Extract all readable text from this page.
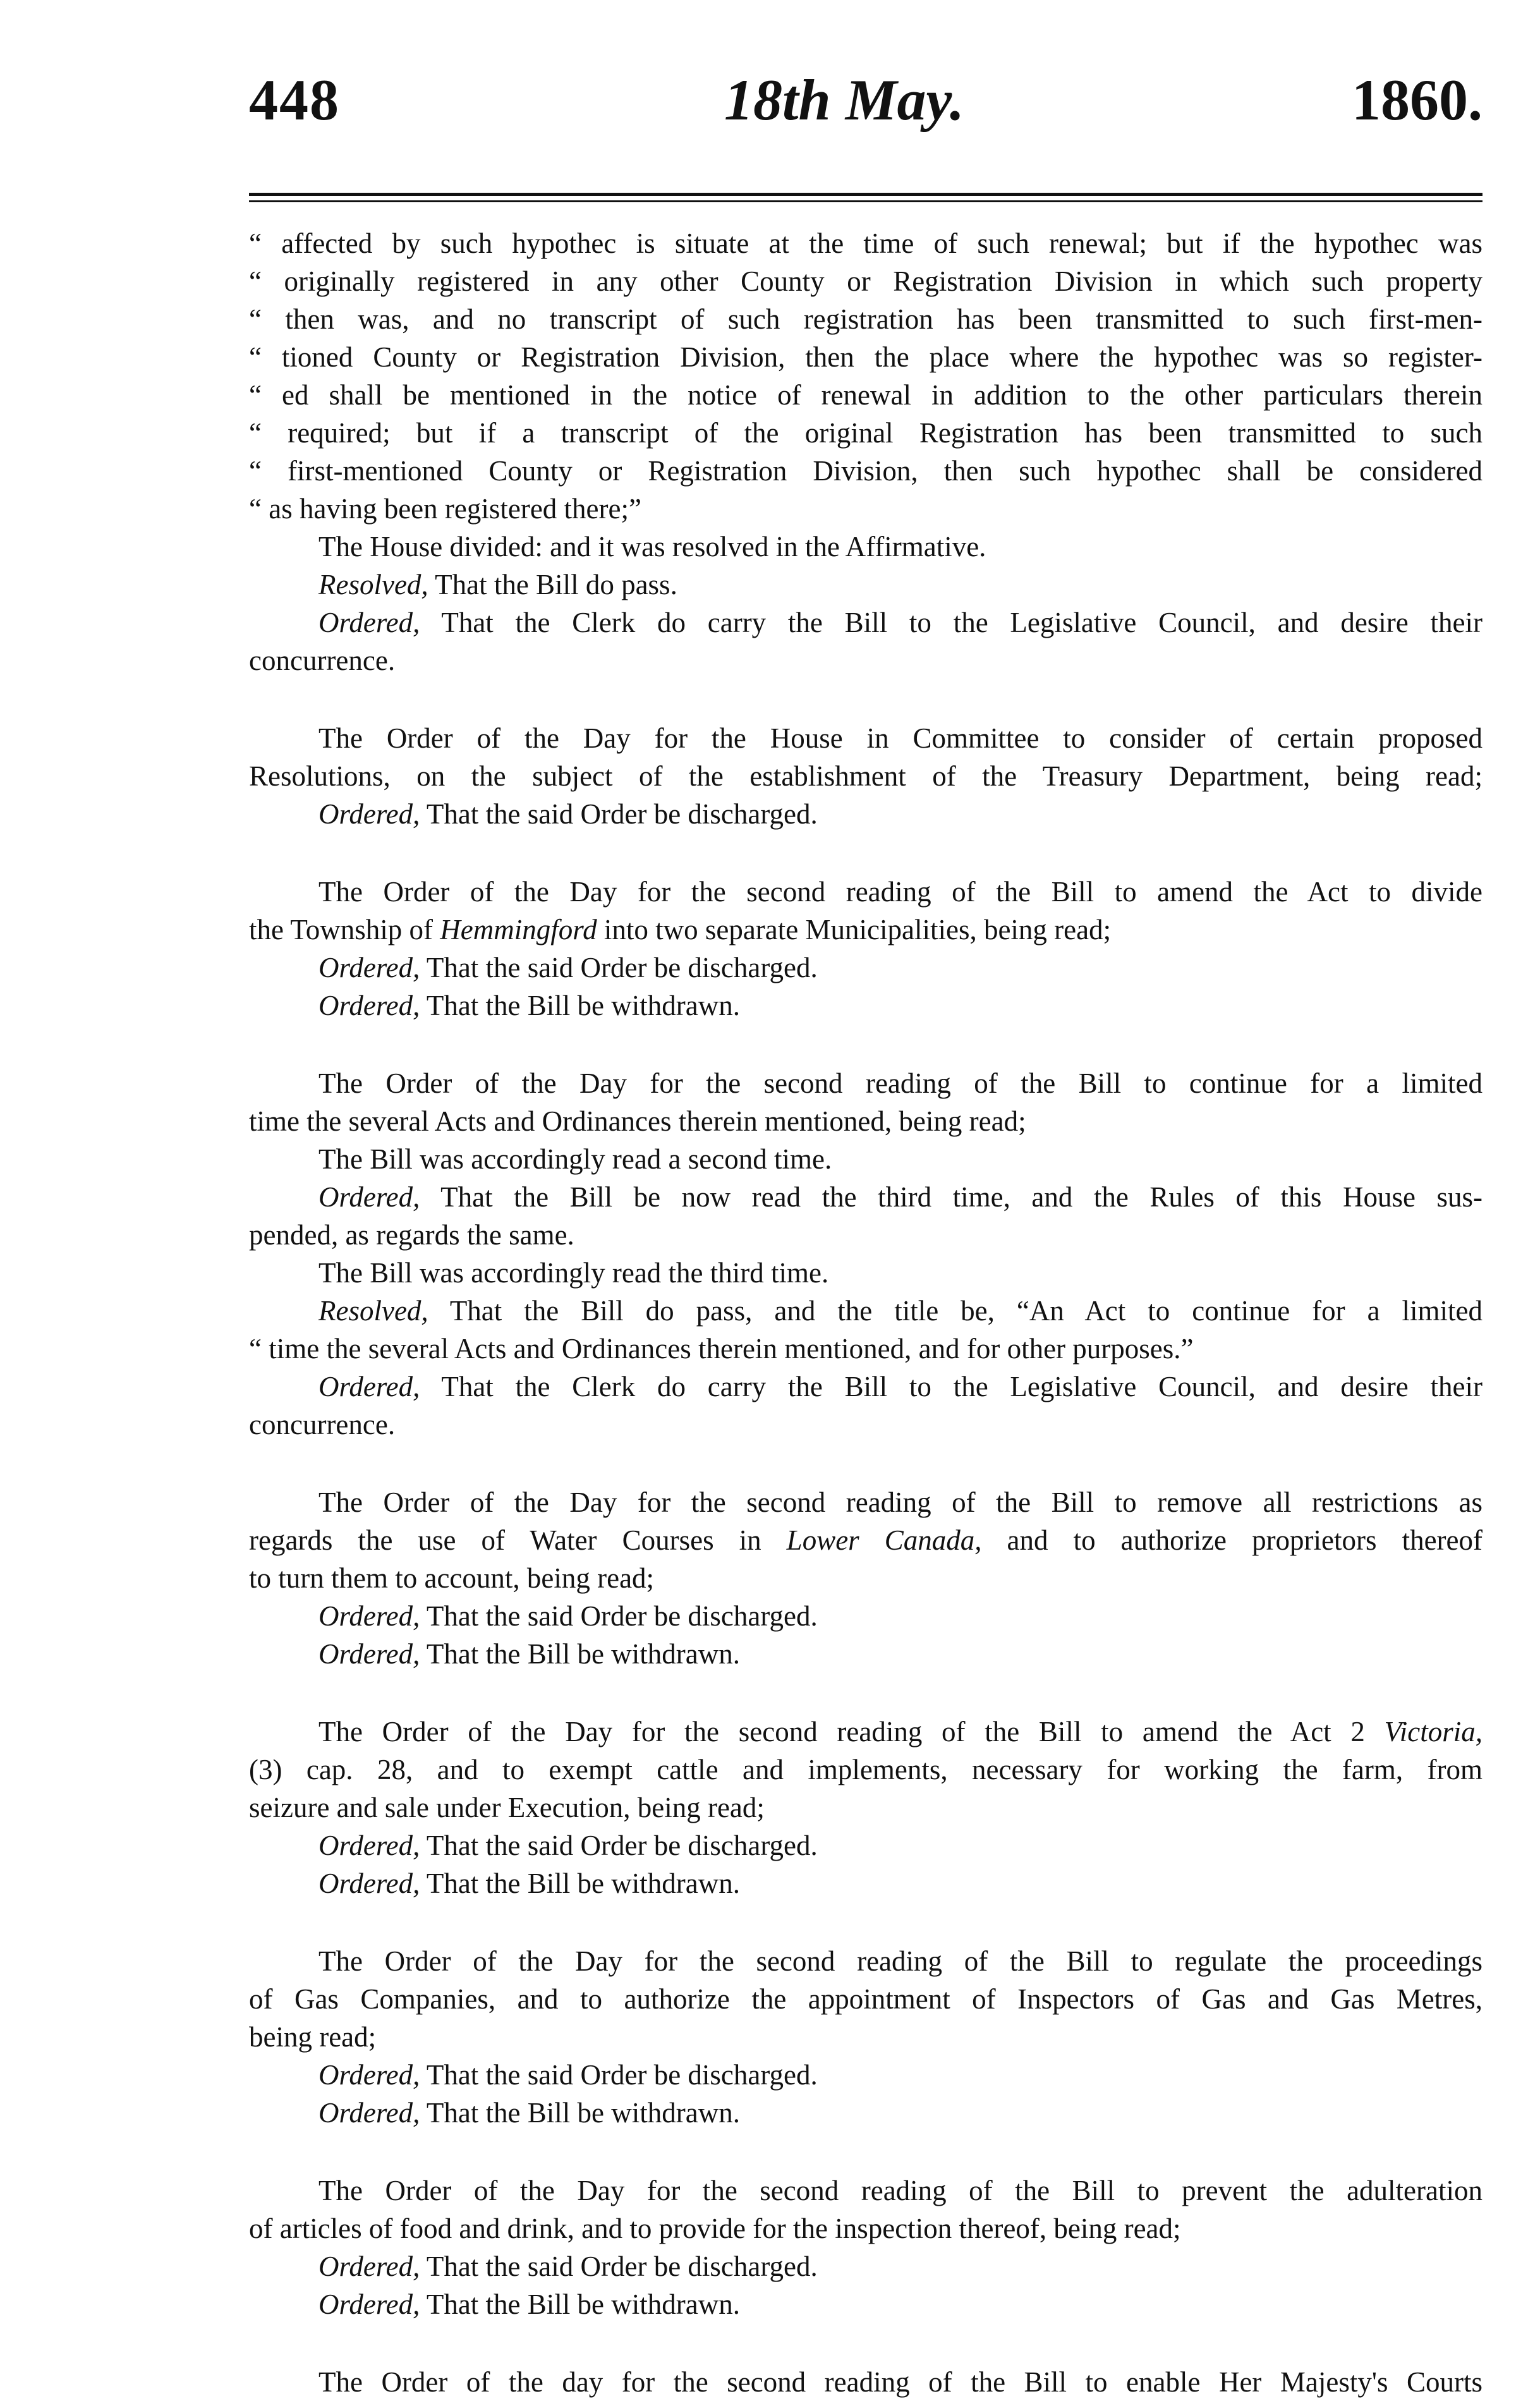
448	18th May.	1860.
“ affected by such hypothec is situate at the time of such renewal; but if the hypothec was
“ originally registered in any other County or Registration Division in which such property
“ then was, and no transcript of such registration has been transmitted to such first-men-
“ tioned County or Registration Division, then the place where the hypothec was so register-
“ ed shall be mentioned in the notice of renewal in addition to the other particulars therein
“ required; but if a transcript of the original Registration has been transmitted to such
“ first-mentioned County or Registration Division, then such hypothec shall be considered
“ as having been registered there;”
The House divided: and it was resolved in the Affirmative.
Resolved, That the Bill do pass.
Ordered, That the Clerk do carry the Bill to the Legislative Council, and desire their
concurrence.
The Order of the Day for the House in Committee to consider of certain proposed
Resolutions, on the subject of the establishment of the Treasury Department, being read;
Ordered, That the said Order be discharged.
The Order of the Day for the second reading of the Bill to amend the Act to divide
the Township of Hemmingford into two separate Municipalities, being read;
Ordered, That the said Order be discharged.
Ordered, That the Bill be withdrawn.
The Order of the Day for the second reading of the Bill to continue for a limited
time the several Acts and Ordinances therein mentioned, being read;
The Bill was accordingly read a second time.
Ordered, That the Bill be now read the third time, and the Rules of this House sus-
pended, as regards the same.
The Bill was accordingly read the third time.
Resolved, That the Bill do pass, and the title be, “An Act to continue for a limited
“ time the several Acts and Ordinances therein mentioned, and for other purposes.”
Ordered, That the Clerk do carry the Bill to the Legislative Council, and desire their
concurrence.
The Order of the Day for the second reading of the Bill to remove all restrictions as
regards the use of Water Courses in Lower Canada, and to authorize proprietors thereof
to turn them to account, being read;
Ordered, That the said Order be discharged.
Ordered, That the Bill be withdrawn.
The Order of the Day for the second reading of the Bill to amend the Act 2 Victoria,
(3) cap. 28, and to exempt cattle and implements, necessary for working the farm, from
seizure and sale under Execution, being read;
Ordered, That the said Order be discharged.
Ordered, That the Bill be withdrawn.
The Order of the Day for the second reading of the Bill to regulate the proceedings
of Gas Companies, and to authorize the appointment of Inspectors of Gas and Gas Metres,
being read;
Ordered, That the said Order be discharged.
Ordered, That the Bill be withdrawn.
The Order of the Day for the second reading of the Bill to prevent the adulteration
of articles of food and drink, and to provide for the inspection thereof, being read;
Ordered, That the said Order be discharged.
Ordered, That the Bill be withdrawn.
The Order of the day for the second reading of the Bill to enable Her Majesty's Courts
